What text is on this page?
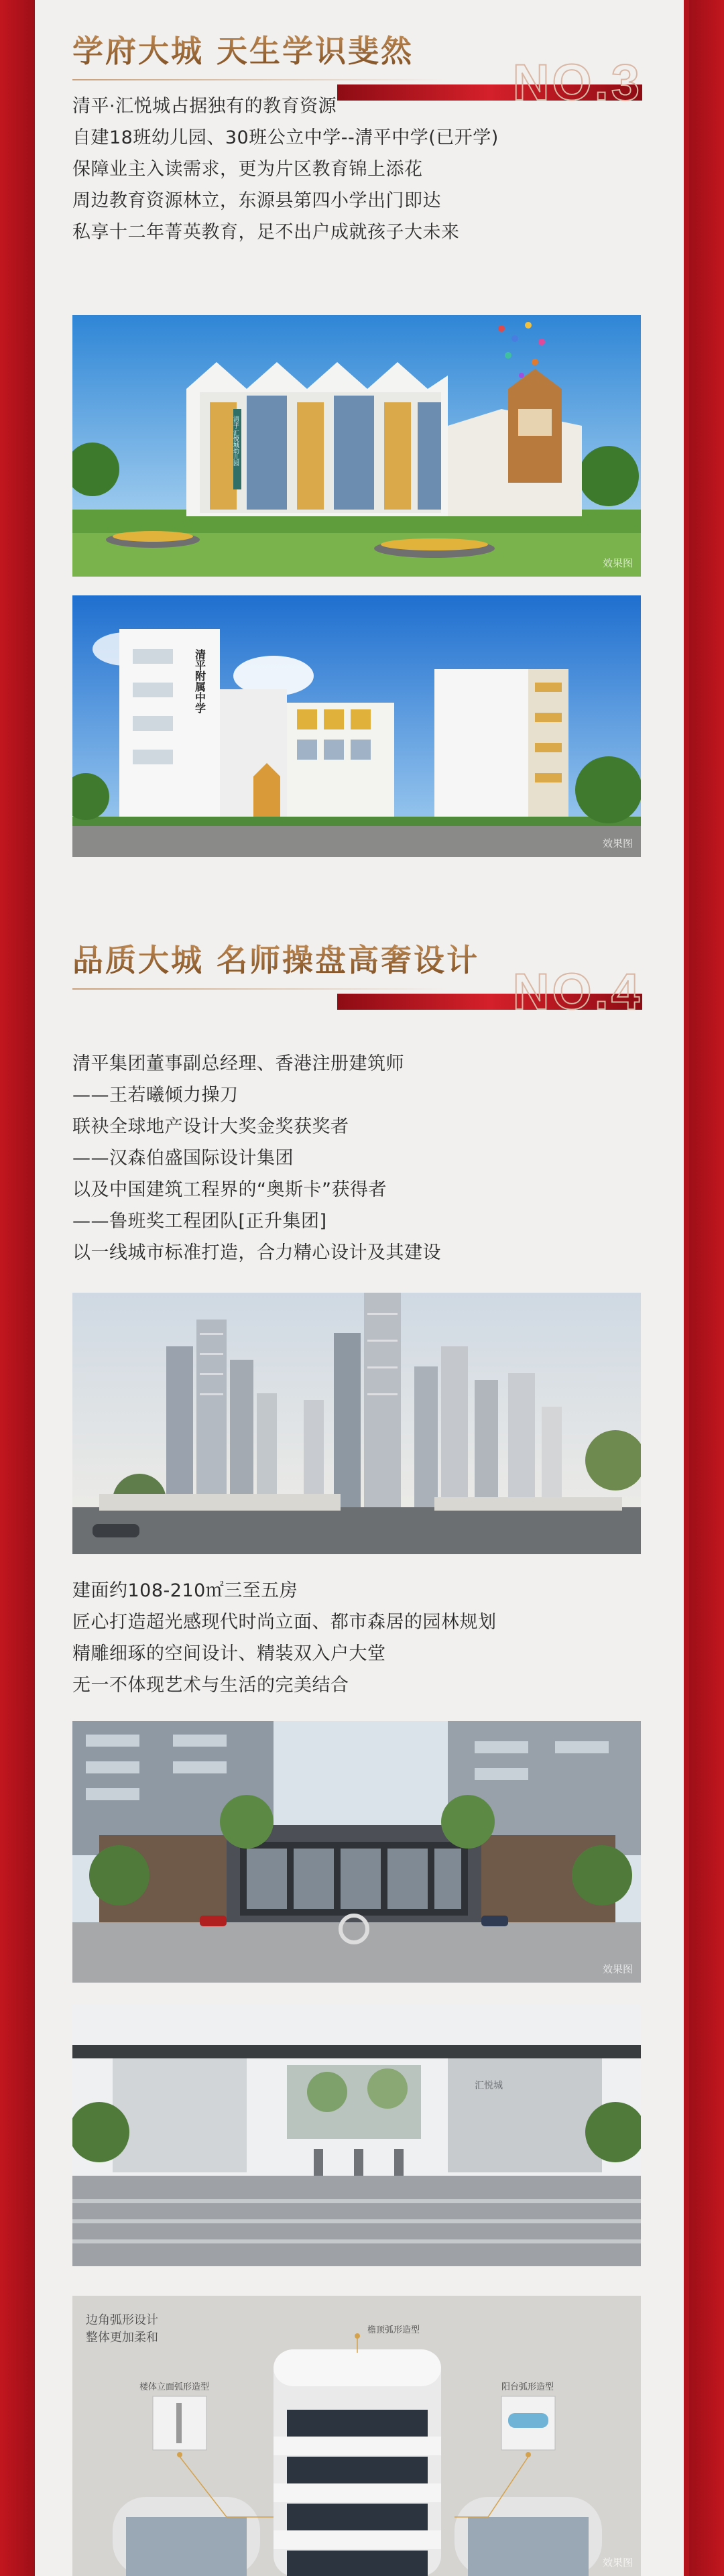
学府大城 天生学识斐然
NO.3
清平·汇悦城占据独有的教育资源
自建18班幼儿园、30班公立中学--清平中学(已开学)
保障业主入读需求，更为片区教育锦上添花
周边教育资源林立，东源县第四小学出门即达
私享十二年菁英教育，足不出户成就孩子大未来
清平·汇悦城幼儿园
效果图
清平附属中学
效果图
品质大城 名师操盘高奢设计
NO.4
清平集团董事副总经理、香港注册建筑师
——王若曦倾力操刀
联袂全球地产设计大奖金奖获奖者
——汉森伯盛国际设计集团
以及中国建筑工程界的“奥斯卡”获得者
——鲁班奖工程团队[正升集团]
以一线城市标准打造，合力精心设计及其建设
建面约108-210㎡三至五房
匠心打造超光感现代时尚立面、都市森居的园林规划
精雕细琢的空间设计、精装双入户大堂
无一不体现艺术与生活的完美结合
效果图
汇悦城
边角弧形设计
整体更加柔和
楼体立面弧形造型
檐顶弧形造型
阳台弧形造型
效果图
